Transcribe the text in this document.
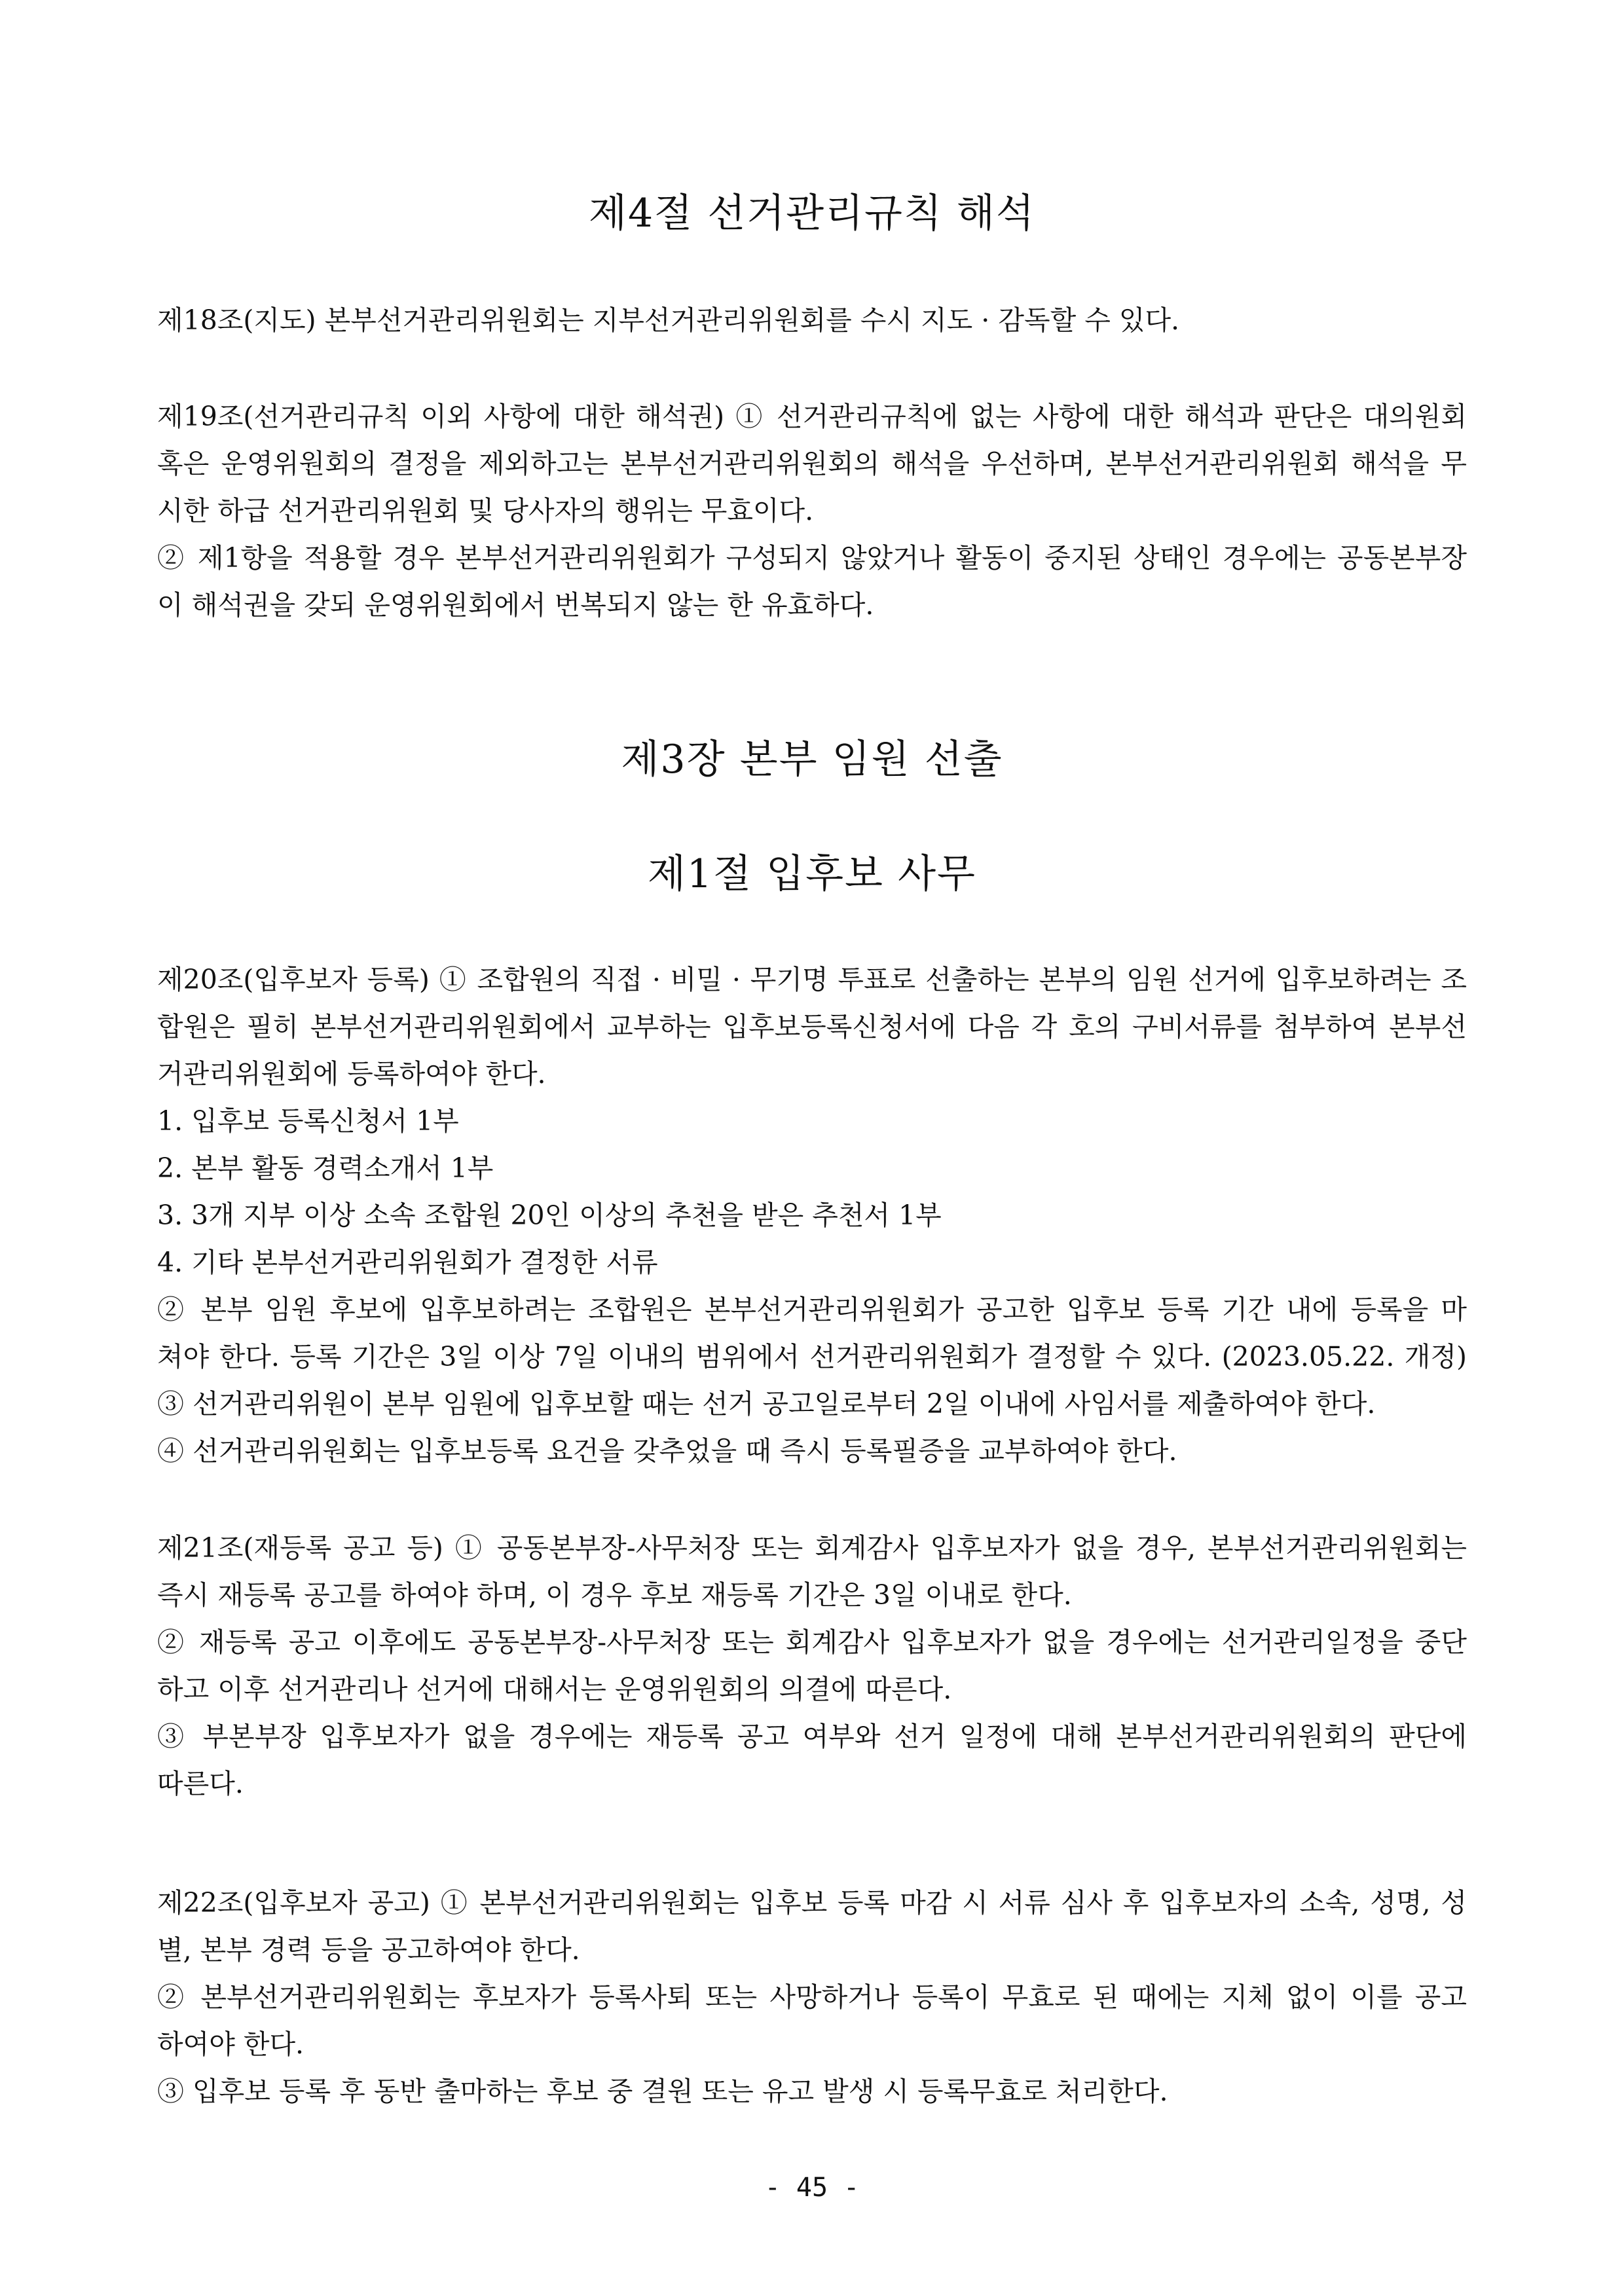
제4절 선거관리규칙 해석
제18조(지도) 본부선거관리위원회는 지부선거관리위원회를 수시 지도 · 감독할 수 있다.
제19조(선거관리규칙 이외 사항에 대한 해석권) ① 선거관리규칙에 없는 사항에 대한 해석과 판단은 대의원회
혹은 운영위원회의 결정을 제외하고는 본부선거관리위원회의 해석을 우선하며, 본부선거관리위원회 해석을 무
시한 하급 선거관리위원회 및 당사자의 행위는 무효이다.
② 제1항을 적용할 경우 본부선거관리위원회가 구성되지 않았거나 활동이 중지된 상태인 경우에는 공동본부장
이 해석권을 갖되 운영위원회에서 번복되지 않는 한 유효하다.
제3장 본부 임원 선출
제1절 입후보 사무
제20조(입후보자 등록) ① 조합원의 직접 · 비밀 · 무기명 투표로 선출하는 본부의 임원 선거에 입후보하려는 조
합원은 필히 본부선거관리위원회에서 교부하는 입후보등록신청서에 다음 각 호의 구비서류를 첨부하여 본부선
거관리위원회에 등록하여야 한다.
1. 입후보 등록신청서 1부
2. 본부 활동 경력소개서 1부
3. 3개 지부 이상 소속 조합원 20인 이상의 추천을 받은 추천서 1부
4. 기타 본부선거관리위원회가 결정한 서류
② 본부 임원 후보에 입후보하려는 조합원은 본부선거관리위원회가 공고한 입후보 등록 기간 내에 등록을 마
쳐야 한다. 등록 기간은 3일 이상 7일 이내의 범위에서 선거관리위원회가 결정할 수 있다. (2023.05.22. 개정)
③ 선거관리위원이 본부 임원에 입후보할 때는 선거 공고일로부터 2일 이내에 사임서를 제출하여야 한다.
④ 선거관리위원회는 입후보등록 요건을 갖추었을 때 즉시 등록필증을 교부하여야 한다.
제21조(재등록 공고 등) ① 공동본부장-사무처장 또는 회계감사 입후보자가 없을 경우, 본부선거관리위원회는
즉시 재등록 공고를 하여야 하며, 이 경우 후보 재등록 기간은 3일 이내로 한다.
② 재등록 공고 이후에도 공동본부장-사무처장 또는 회계감사 입후보자가 없을 경우에는 선거관리일정을 중단
하고 이후 선거관리나 선거에 대해서는 운영위원회의 의결에 따른다.
③ 부본부장 입후보자가 없을 경우에는 재등록 공고 여부와 선거 일정에 대해 본부선거관리위원회의 판단에
따른다.
제22조(입후보자 공고) ① 본부선거관리위원회는 입후보 등록 마감 시 서류 심사 후 입후보자의 소속, 성명, 성
별, 본부 경력 등을 공고하여야 한다.
② 본부선거관리위원회는 후보자가 등록사퇴 또는 사망하거나 등록이 무효로 된 때에는 지체 없이 이를 공고
하여야 한다.
③ 입후보 등록 후 동반 출마하는 후보 중 결원 또는 유고 발생 시 등록무효로 처리한다.
- 45 -
